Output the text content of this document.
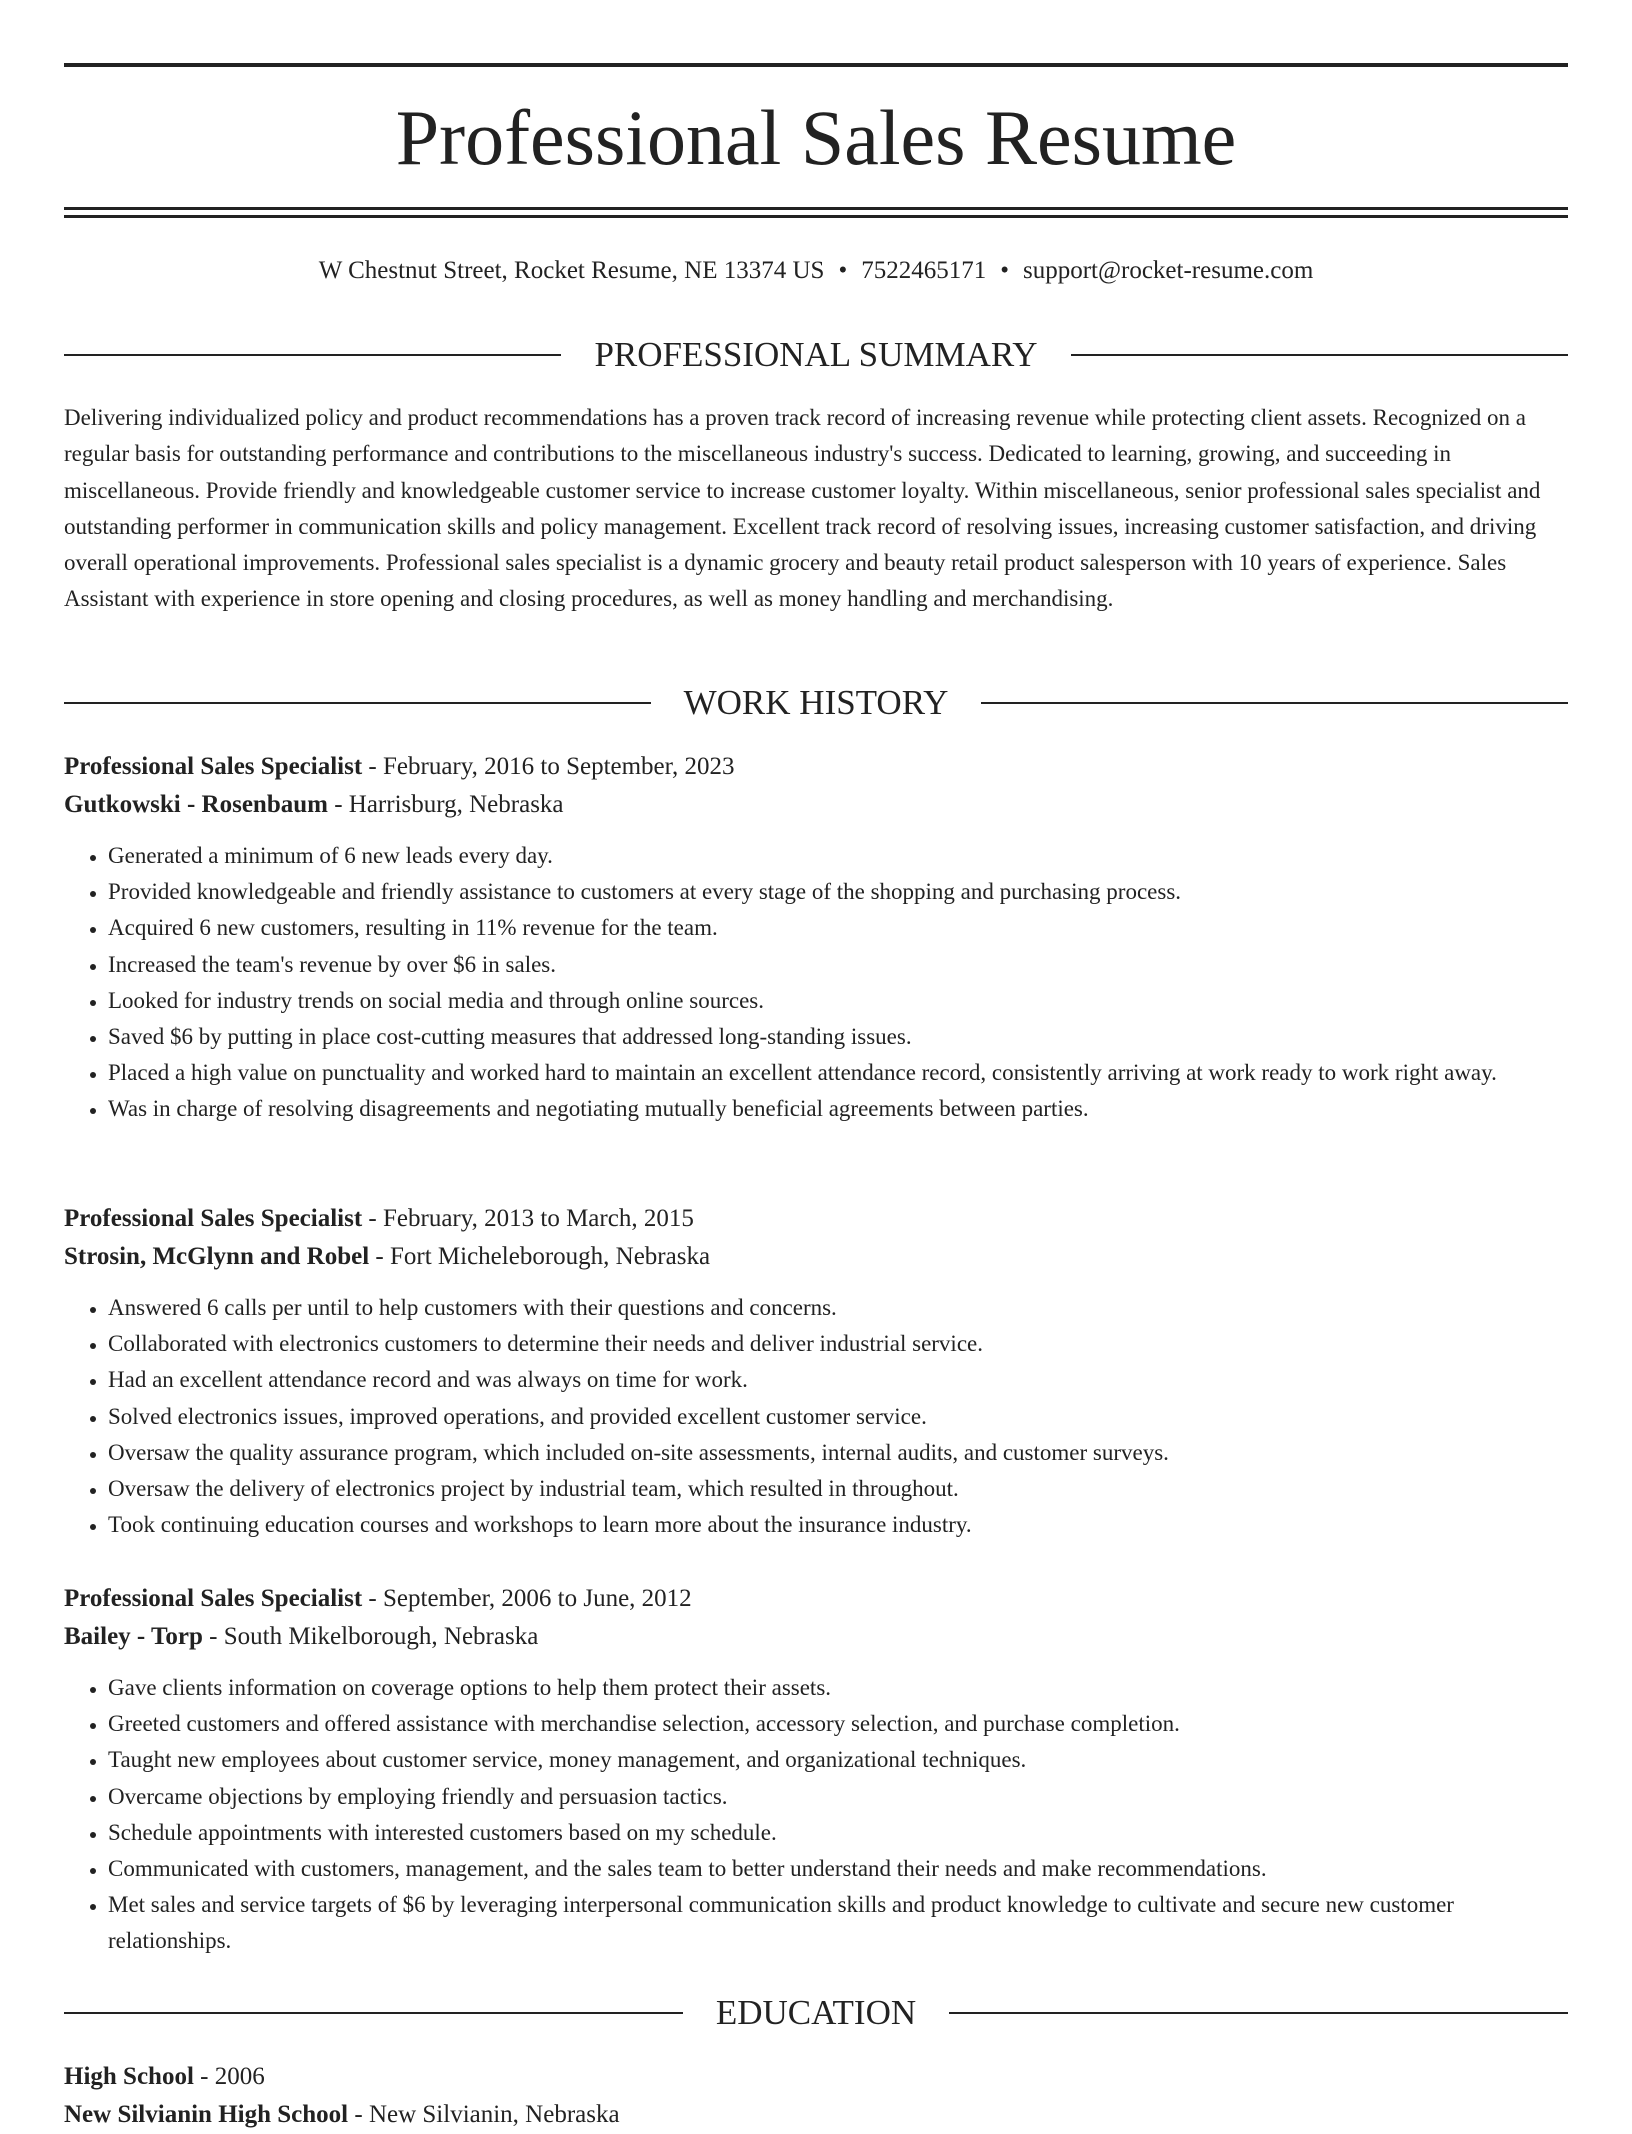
Professional Sales Resume
W Chestnut Street, Rocket Resume, NE 13374 US • 7522465171 • support@rocket-resume.com
PROFESSIONAL SUMMARY

Delivering individualized policy and product recommendations has a proven track record of increasing revenue while protecting client assets. Recognized on a regular basis for outstanding performance and contributions to the miscellaneous industry's success. Dedicated to learning, growing, and succeeding in miscellaneous. Provide friendly and knowledgeable customer service to increase customer loyalty. Within miscellaneous, senior professional sales specialist and outstanding performer in communication skills and policy management. Excellent track record of resolving issues, increasing customer satisfaction, and driving overall operational improvements. Professional sales specialist is a dynamic grocery and beauty retail product salesperson with 10 years of experience. Sales Assistant with experience in store opening and closing procedures, as well as money handling and merchandising.

WORK HISTORY
Professional Sales Specialist - February, 2016 to September, 2023
Gutkowski - Rosenbaum - Harrisburg, Nebraska
• Generated a minimum of 6 new leads every day.
• Provided knowledgeable and friendly assistance to customers at every stage of the shopping and purchasing process.
• Acquired 6 new customers, resulting in 11% revenue for the team.
• Increased the team's revenue by over $6 in sales.
• Looked for industry trends on social media and through online sources.
• Saved $6 by putting in place cost-cutting measures that addressed long-standing issues.
• Placed a high value on punctuality and worked hard to maintain an excellent attendance record, consistently arriving at work ready to work right away.
• Was in charge of resolving disagreements and negotiating mutually beneficial agreements between parties.
Professional Sales Specialist - February, 2013 to March, 2015
Strosin, McGlynn and Robel - Fort Micheleborough, Nebraska
• Answered 6 calls per until to help customers with their questions and concerns.
• Collaborated with electronics customers to determine their needs and deliver industrial service.
• Had an excellent attendance record and was always on time for work.
• Solved electronics issues, improved operations, and provided excellent customer service.
• Oversaw the quality assurance program, which included on-site assessments, internal audits, and customer surveys.
• Oversaw the delivery of electronics project by industrial team, which resulted in throughout.
• Took continuing education courses and workshops to learn more about the insurance industry.
Professional Sales Specialist - September, 2006 to June, 2012
Bailey - Torp - South Mikelborough, Nebraska
• Gave clients information on coverage options to help them protect their assets.
• Greeted customers and offered assistance with merchandise selection, accessory selection, and purchase completion.
• Taught new employees about customer service, money management, and organizational techniques.
• Overcame objections by employing friendly and persuasion tactics.
• Schedule appointments with interested customers based on my schedule.
• Communicated with customers, management, and the sales team to better understand their needs and make recommendations.
• Met sales and service targets of $6 by leveraging interpersonal communication skills and product knowledge to cultivate and secure new customer relationships.
EDUCATION
High School - 2006
New Silvianin High School - New Silvianin, Nebraska
